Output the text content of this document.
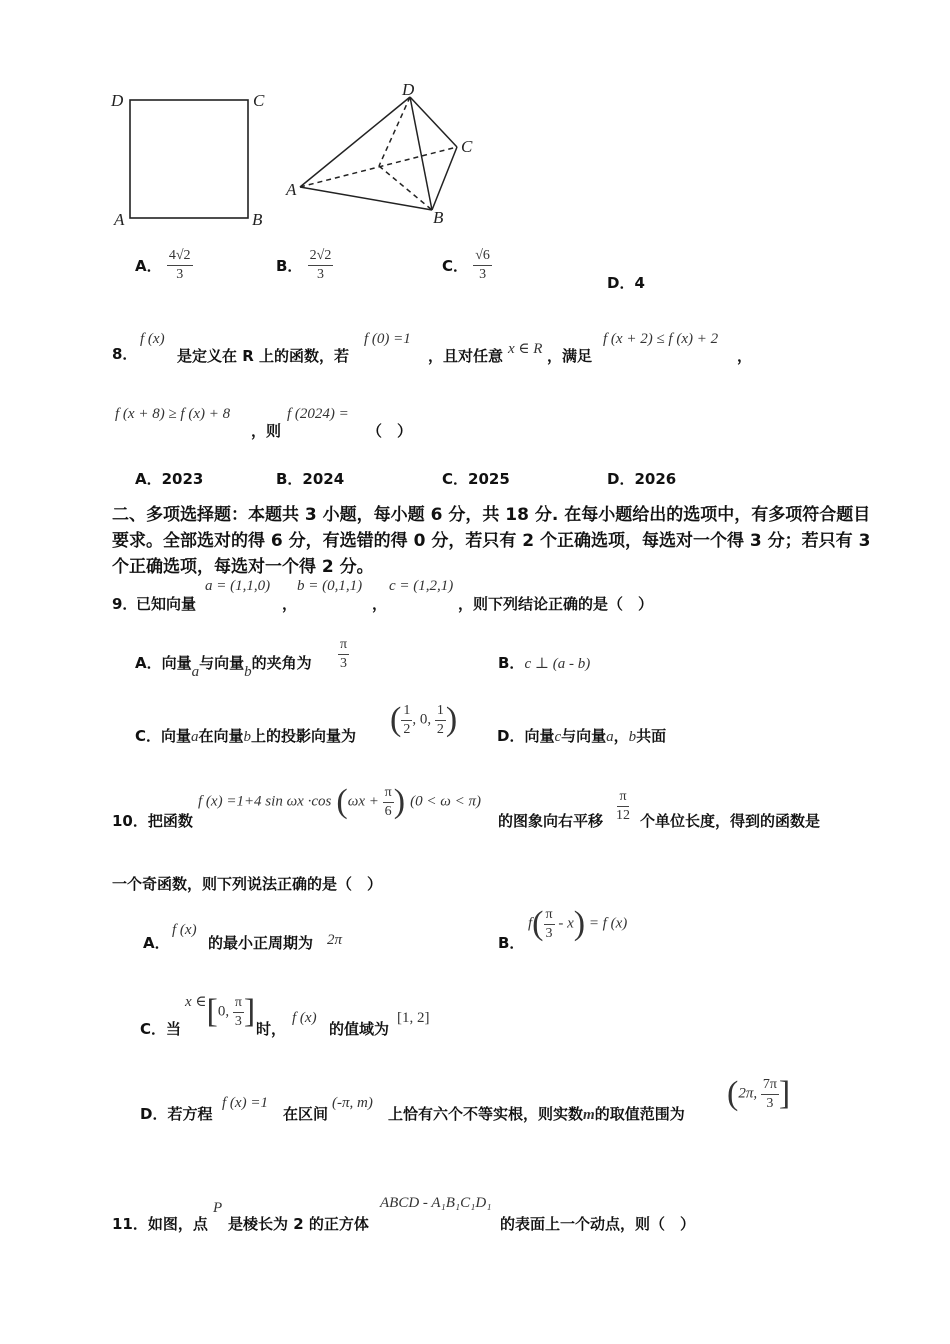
D	C
A	B
D
C
A
B
A． $\frac{4√2}{3}$	B． $\frac{2√2}{3}$	C． $\frac{√6}{3}$	D．4
8．
f (x)
是定义在 R 上的函数，若
f (0) =1
，且对任意 x ∈ R ，满足
f (x + 2) ≤ f (x) + 2
，
f (x + 8) ≥ f (x) + 8
，则
f (2024) =
（　）
A．2023	B．2024	C．2025	D．2026
二、多项选择题：本题共 3 小题，每小题 6 分，共 18 分. 在每小题给出的选项中，有多项符合题目要求。全部选对的得 6 分，有选错的得 0 分，若只有 2 个正确选项，每选对一个得 3 分；若只有 3 个正确选项，每选对一个得 2 分。
9．
已知向量
a = (1,1,0)
，
b = (0,1,1)
，
c = (1,2,1)
，则下列结论正确的是（　）
A．向量a与向量b的夹角为 $\frac{\pi}{3}$	B．c ⊥ (a - b)
C．向量a在向量b上的投影向量为 ( $\frac{1}{2}$ , 0, $\frac{1}{2}$ )	D．向量c与向量a，b共面
10．把函数
f (x) =1+4 sin ωx ·cos ($\omega x + \frac{\pi}{6}$ ) (0 < ω < π)
的图象向右平移 $\frac{\pi}{12}$ 个单位长度，得到的函数是
一个奇函数，则下列说法正确的是（　）
A．
f (x)
的最小正周期为 2π	B．
$f( \frac{\pi}{3} - x) = f$ (x)
C．当
x ∈[0, $\frac{\pi}{3}$ ] 时，
f (x)
的值域为
[1, 2]
D．若方程
f (x) =1
在区间
(-π, m)
上恰有六个不等实根，则实数m的取值范围为
(2π, $\frac{7\pi}{3}$ ]
11．如图，点
P
是棱长为 2 的正方体
ABCD - A₁B₁C₁D₁
的表面上一个动点，则（　）
